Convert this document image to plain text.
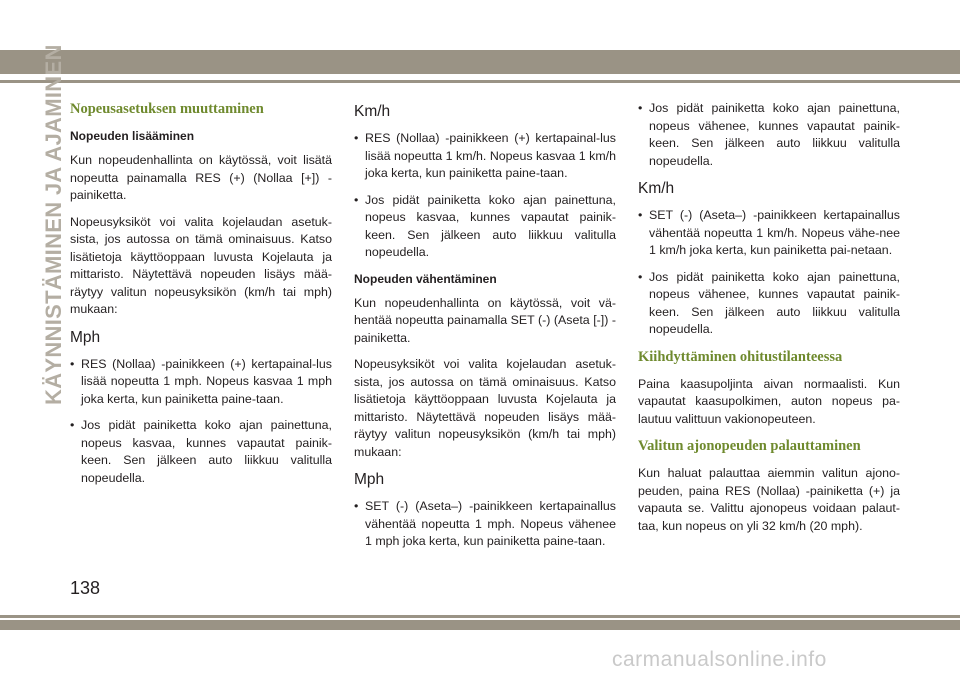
KÄYNNISTÄMINEN JA AJAMINEN Nopeusasetuksen muuttaminen
Nopeuden lisääminen

Kun nopeudenhallinta on käytössä, voit lisätä nopeutta painamalla RES (+) (Nollaa [+]) -painiketta.

Nopeusyksiköt voi valita kojelaudan asetuk-sista, jos autossa on tämä ominaisuus. Katso lisätietoja käyttöoppaan luvusta Kojelauta ja mittaristo. Näytettävä nopeuden lisäys mää-räytyy valitun nopeusyksikön (km/h tai mph) mukaan:

Mph
• RES (Nollaa) -painikkeen (+) kertapainal-lus lisää nopeutta 1 mph. Nopeus kasvaa 1 mph joka kerta, kun painiketta paine-taan.
• Jos pidät painiketta koko ajan painettuna, nopeus kasvaa, kunnes vapautat painik-keen. Sen jälkeen auto liikkuu valitulla nopeudella.
Km/h
• RES (Nollaa) -painikkeen (+) kertapainal-lus lisää nopeutta 1 km/h. Nopeus kasvaa 1 km/h joka kerta, kun painiketta paine-taan.
• Jos pidät painiketta koko ajan painettuna, nopeus kasvaa, kunnes vapautat painik-keen. Sen jälkeen auto liikkuu valitulla nopeudella.
Nopeuden vähentäminen

Kun nopeudenhallinta on käytössä, voit vä-hentää nopeutta painamalla SET (-) (Aseta [-]) -painiketta.

Nopeusyksiköt voi valita kojelaudan asetuk-sista, jos autossa on tämä ominaisuus. Katso lisätietoja käyttöoppaan luvusta Kojelauta ja mittaristo. Näytettävä nopeuden lisäys mää-räytyy valitun nopeusyksikön (km/h tai mph) mukaan:

Mph
• SET (-) (Aseta–) -painikkeen kertapainallus vähentää nopeutta 1 mph. Nopeus vähenee 1 mph joka kerta, kun painiketta paine-taan.
• Jos pidät painiketta koko ajan painettuna, nopeus vähenee, kunnes vapautat painik-keen. Sen jälkeen auto liikkuu valitulla nopeudella.
Km/h
• SET (-) (Aseta–) -painikkeen kertapainallus vähentää nopeutta 1 km/h. Nopeus vähe-nee 1 km/h joka kerta, kun painiketta pai-netaan.
• Jos pidät painiketta koko ajan painettuna, nopeus vähenee, kunnes vapautat painik-keen. Sen jälkeen auto liikkuu valitulla nopeudella.
Kiihdyttäminen ohitustilanteessa

Paina kaasupoljinta aivan normaalisti. Kun vapautat kaasupolkimen, auton nopeus pa-lautuu valittuun vakionopeuteen.

Valitun ajonopeuden palauttaminen

Kun haluat palauttaa aiemmin valitun ajono-peuden, paina RES (Nollaa) -painiketta (+) ja vapauta se. Valittu ajonopeus voidaan palaut-taa, kun nopeus on yli 32 km/h (20 mph).

138
carmanualsonline.info
